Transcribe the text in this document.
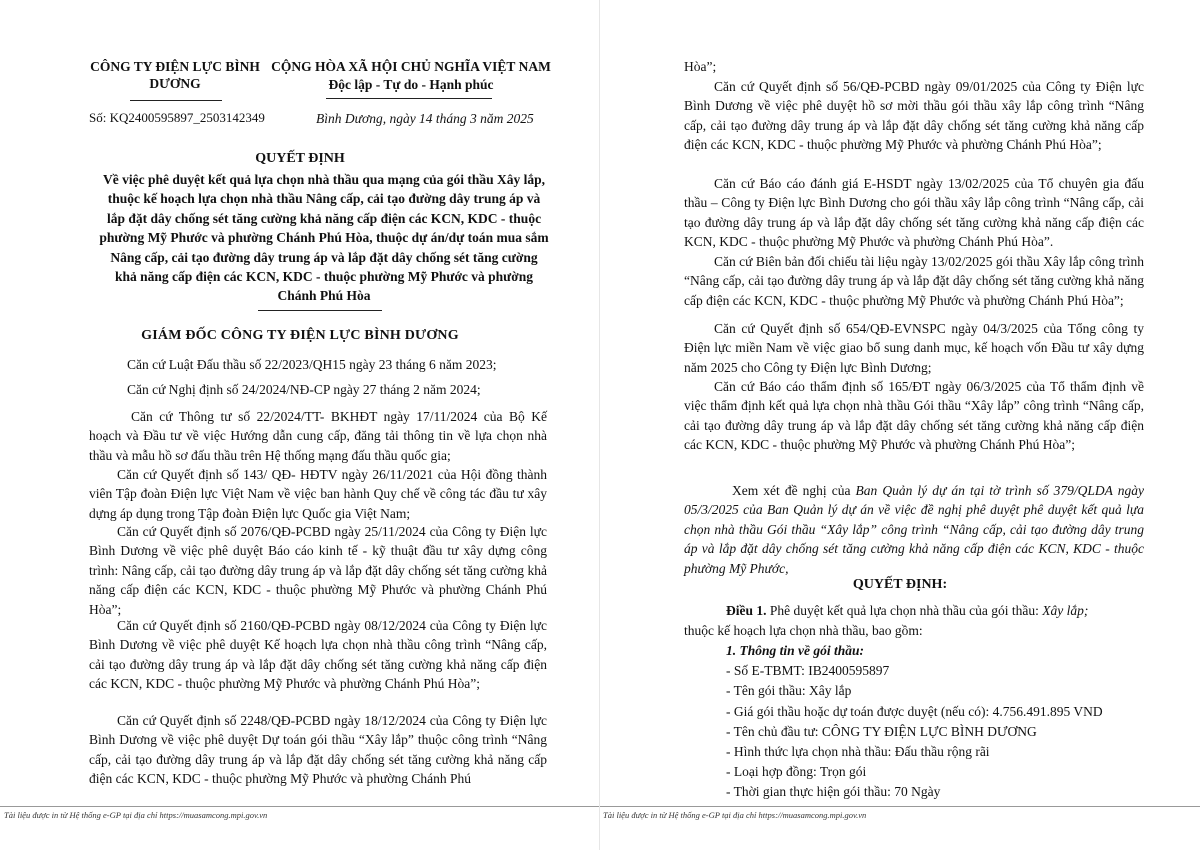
CÔNG TY ĐIỆN LỰC BÌNH DƯƠNG
CỘNG HÒA XÃ HỘI CHỦ NGHĨA VIỆT NAM
Độc lập - Tự do - Hạnh phúc
Số: KQ2400595897_2503142349	Bình Dương, ngày 14 tháng 3 năm 2025
QUYẾT ĐỊNH
Về việc phê duyệt kết quả lựa chọn nhà thầu qua mạng của gói thầu Xây lắp, thuộc kế hoạch lựa chọn nhà thầu Nâng cấp, cải tạo đường dây trung áp và lắp đặt dây chống sét tăng cường khả năng cấp điện các KCN, KDC - thuộc phường Mỹ Phước và phường Chánh Phú Hòa, thuộc dự án/dự toán mua sắm Nâng cấp, cải tạo đường dây trung áp và lắp đặt dây chống sét tăng cường khả năng cấp điện các KCN, KDC - thuộc phường Mỹ Phước và phường Chánh Phú Hòa
GIÁM ĐỐC CÔNG TY ĐIỆN LỰC BÌNH DƯƠNG
Căn cứ Luật Đấu thầu số 22/2023/QH15 ngày 23 tháng 6 năm 2023;
Căn cứ Nghị định số 24/2024/NĐ-CP ngày 27 tháng 2 năm 2024;
Căn cứ Thông tư số 22/2024/TT- BKHĐT ngày 17/11/2024 của Bộ Kế hoạch và Đầu tư về việc Hướng dẫn cung cấp, đăng tải thông tin về lựa chọn nhà thầu và mẫu hồ sơ đấu thầu trên Hệ thống mạng đấu thầu quốc gia;
Căn cứ Quyết định số 143/ QĐ- HĐTV ngày 26/11/2021 của Hội đồng thành viên Tập đoàn Điện lực Việt Nam về việc ban hành Quy chế về công tác đầu tư xây dựng áp dụng trong Tập đoàn Điện lực Quốc gia Việt Nam;
Căn cứ Quyết định số 2076/QĐ-PCBD ngày 25/11/2024 của Công ty Điện lực Bình Dương về việc phê duyệt Báo cáo kinh tế - kỹ thuật đầu tư xây dựng công trình: Nâng cấp, cải tạo đường dây trung áp và lắp đặt dây chống sét tăng cường khả năng cấp điện các KCN, KDC - thuộc phường Mỹ Phước và phường Chánh Phú Hòa”;
Căn cứ Quyết định số 2160/QĐ-PCBD ngày 08/12/2024 của Công ty Điện lực Bình Dương về việc phê duyệt Kế hoạch lựa chọn nhà thầu công trình “Nâng cấp, cải tạo đường dây trung áp và lắp đặt dây chống sét tăng cường khả năng cấp điện các KCN, KDC - thuộc phường Mỹ Phước và phường Chánh Phú Hòa”;
Căn cứ Quyết định số 2248/QĐ-PCBD ngày 18/12/2024 của Công ty Điện lực Bình Dương về việc phê duyệt Dự toán gói thầu “Xây lắp” thuộc công trình “Nâng cấp, cải tạo đường dây trung áp và lắp đặt dây chống sét tăng cường khả năng cấp điện các KCN, KDC - thuộc phường Mỹ Phước và phường Chánh Phú
Tài liệu được in từ Hệ thống e-GP tại địa chỉ https://muasamcong.mpi.gov.vn
Hòa”;
Căn cứ Quyết định số 56/QĐ-PCBD ngày 09/01/2025 của Công ty Điện lực Bình Dương về việc phê duyệt hồ sơ mời thầu gói thầu xây lắp công trình “Nâng cấp, cải tạo đường dây trung áp và lắp đặt dây chống sét tăng cường khả năng cấp điện các KCN, KDC - thuộc phường Mỹ Phước và phường Chánh Phú Hòa”;
Căn cứ Báo cáo đánh giá E-HSDT ngày 13/02/2025 của Tổ chuyên gia đấu thầu – Công ty Điện lực Bình Dương cho gói thầu xây lắp công trình “Nâng cấp, cải tạo đường dây trung áp và lắp đặt dây chống sét tăng cường khả năng cấp điện các KCN, KDC - thuộc phường Mỹ Phước và phường Chánh Phú Hòa”.
Căn cứ Biên bản đối chiếu tài liệu ngày 13/02/2025 gói thầu Xây lắp công trình “Nâng cấp, cải tạo đường dây trung áp và lắp đặt dây chống sét tăng cường khả năng cấp điện các KCN, KDC - thuộc phường Mỹ Phước và phường Chánh Phú Hòa”;
Căn cứ Quyết định số 654/QĐ-EVNSPC ngày 04/3/2025 của Tổng công ty Điện lực miền Nam về việc giao bổ sung danh mục, kế hoạch vốn Đầu tư xây dựng năm 2025 cho Công ty Điện lực Bình Dương;
Căn cứ Báo cáo thẩm định số 165/ĐT ngày 06/3/2025 của Tổ thẩm định về việc thẩm định kết quả lựa chọn nhà thầu Gói thầu “Xây lắp” công trình “Nâng cấp, cải tạo đường dây trung áp và lắp đặt dây chống sét tăng cường khả năng cấp điện các KCN, KDC - thuộc phường Mỹ Phước và phường Chánh Phú Hòa”;
Xem xét đề nghị của Ban Quản lý dự án tại tờ trình số 379/QLDA ngày 05/3/2025 của Ban Quản lý dự án về việc đề nghị phê duyệt phê duyệt kết quả lựa chọn nhà thầu Gói thầu “Xây lắp” công trình “Nâng cấp, cải tạo đường dây trung áp và lắp đặt dây chống sét tăng cường khả năng cấp điện các KCN, KDC - thuộc phường Mỹ Phước,
QUYẾT ĐỊNH:
Điều 1. Phê duyệt kết quả lựa chọn nhà thầu của gói thầu: Xây lắp;
thuộc kế hoạch lựa chọn nhà thầu, bao gồm:
1. Thông tin về gói thầu:
- Số E-TBMT: IB2400595897
- Tên gói thầu: Xây lắp
- Giá gói thầu hoặc dự toán được duyệt (nếu có): 4.756.491.895 VND
- Tên chủ đầu tư: CÔNG TY ĐIỆN LỰC BÌNH DƯƠNG
- Hình thức lựa chọn nhà thầu: Đấu thầu rộng rãi
- Loại hợp đồng: Trọn gói
- Thời gian thực hiện gói thầu: 70 Ngày
Tài liệu được in từ Hệ thống e-GP tại địa chỉ https://muasamcong.mpi.gov.vn
